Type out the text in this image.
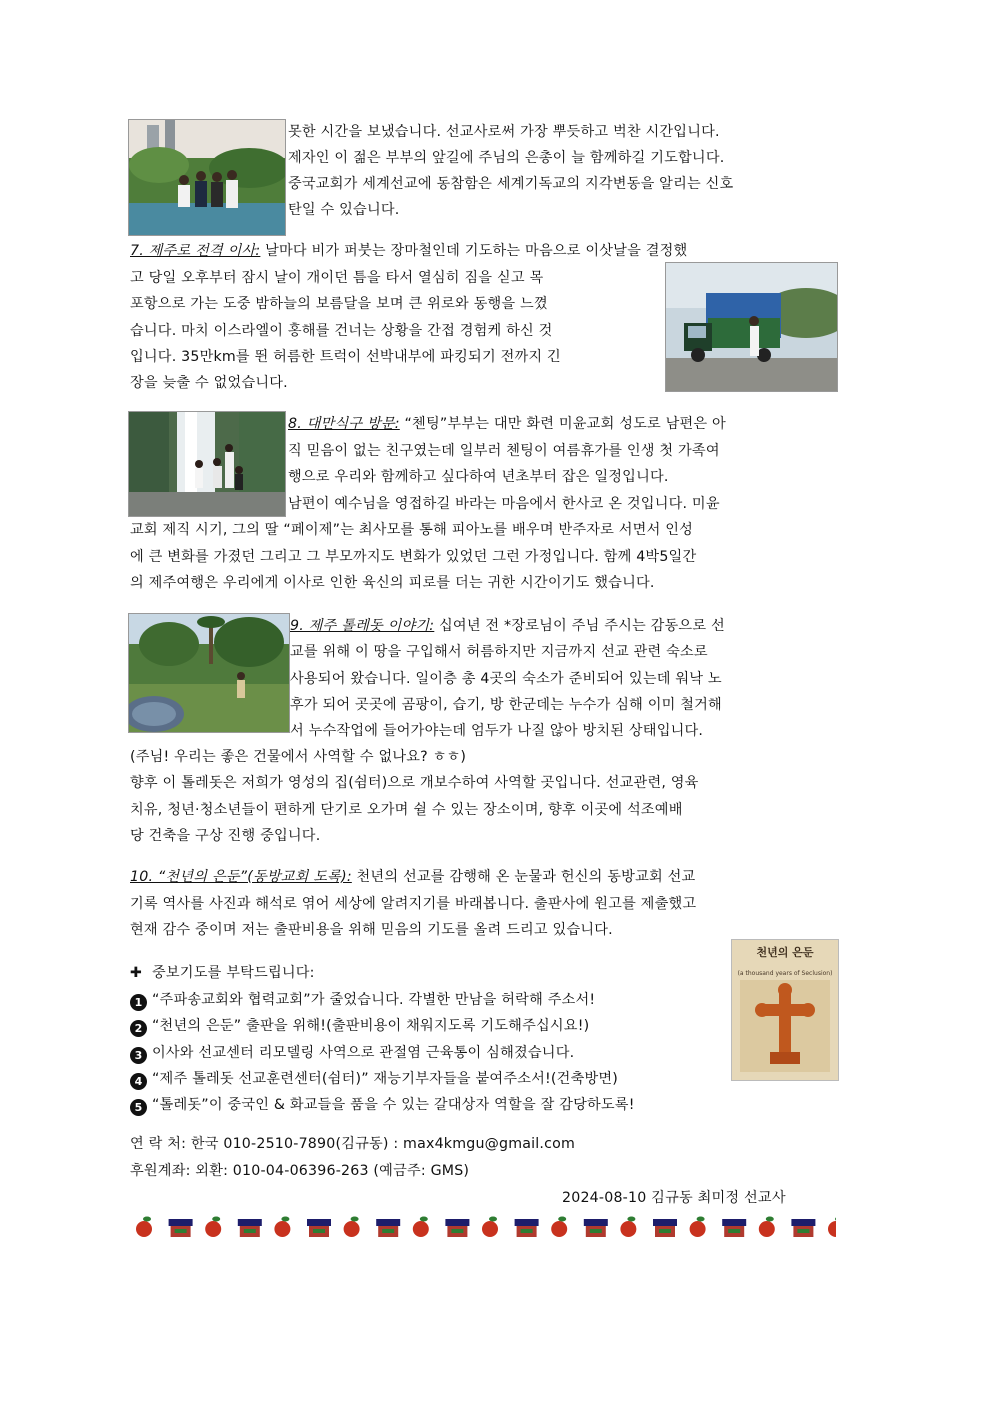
못한 시간을 보냈습니다. 선교사로써 가장 뿌듯하고 벅찬 시간입니다.
제자인 이 젊은 부부의 앞길에 주님의 은총이 늘 함께하길 기도합니다.
중국교회가 세계선교에 동참함은 세계기독교의 지각변동을 알리는 신호
탄일 수 있습니다.
7. 제주로 전격 이사: 날마다 비가 퍼붓는 장마철인데 기도하는 마음으로 이삿날을 결정했
고 당일 오후부터 잠시 날이 개이던 틈을 타서 열심히 짐을 싣고 목
포항으로 가는 도중 밤하늘의 보름달을 보며 큰 위로와 동행을 느꼈
습니다. 마치 이스라엘이 홍해를 건너는 상황을 간접 경험케 하신 것
입니다. 35만km를 뛴 허름한 트럭이 선박내부에 파킹되기 전까지 긴
장을 늦출 수 없었습니다.
8. 대만식구 방문: “첸팅”부부는 대만 화련 미윤교회 성도로 남편은 아
직 믿음이 없는 친구였는데 일부러 첸팅이 여름휴가를 인생 첫 가족여
행으로 우리와 함께하고 싶다하여 년초부터 잡은 일정입니다.
남편이 예수님을 영접하길 바라는 마음에서 한사코 온 것입니다. 미윤
교회 제직 시기, 그의 딸 “페이제”는 최사모를 통해 피아노를 배우며 반주자로 서면서 인성
에 큰 변화를 가졌던 그리고 그 부모까지도 변화가 있었던 그런 가정입니다. 함께 4박5일간
의 제주여행은 우리에게 이사로 인한 육신의 피로를 더는 귀한 시간이기도 했습니다.
9. 제주 톨레돗 이야기: 십여년 전 *장로님이 주님 주시는 감동으로 선
교를 위해 이 땅을 구입해서 허름하지만 지금까지 선교 관련 숙소로
사용되어 왔습니다. 일이층 총 4곳의 숙소가 준비되어 있는데 워낙 노
후가 되어 곳곳에 곰팡이, 습기, 방 한군데는 누수가 심해 이미 철거해
서 누수작업에 들어가야는데 엄두가 나질 않아 방치된 상태입니다.
(주님! 우리는 좋은 건물에서 사역할 수 없나요? ㅎㅎ)
향후 이 톨레돗은 저희가 영성의 집(쉼터)으로 개보수하여 사역할 곳입니다. 선교관련, 영육
치유, 청년·청소년들이 편하게 단기로 오가며 쉴 수 있는 장소이며, 향후 이곳에 석조예배
당 건축을 구상 진행 중입니다.
10. “천년의 은둔”(동방교회 도록): 천년의 선교를 감행해 온 눈물과 헌신의 동방교회 선교
기록 역사를 사진과 해석로 엮어 세상에 알려지기를 바래봅니다. 출판사에 원고를 제출했고
현재 감수 중이며 저는 출판비용을 위해 믿음의 기도를 올려 드리고 있습니다.
천년의 은둔
(a thousand years of Seclusion)
✚ 중보기도를 부탁드립니다:
1 “주파송교회와 협력교회”가 줄었습니다. 각별한 만남을 허락해 주소서!
2 “천년의 은둔” 출판을 위해!(출판비용이 채워지도록 기도해주십시요!)
3 이사와 선교센터 리모델링 사역으로 관절염 근육통이 심해졌습니다.
4 “제주 톨레돗 선교훈련센터(쉼터)” 재능기부자들을 붙여주소서!(건축방면)
5 “톨레돗”이 중국인 & 화교들을 품을 수 있는 갈대상자 역할을 잘 감당하도록!
연 락 처: 한국 010-2510-7890(김규동) : max4kmgu@gmail.com
후원계좌: 외환: 010-04-06396-263 (예금주: GMS)
2024-08-10 김규동 최미정 선교사
